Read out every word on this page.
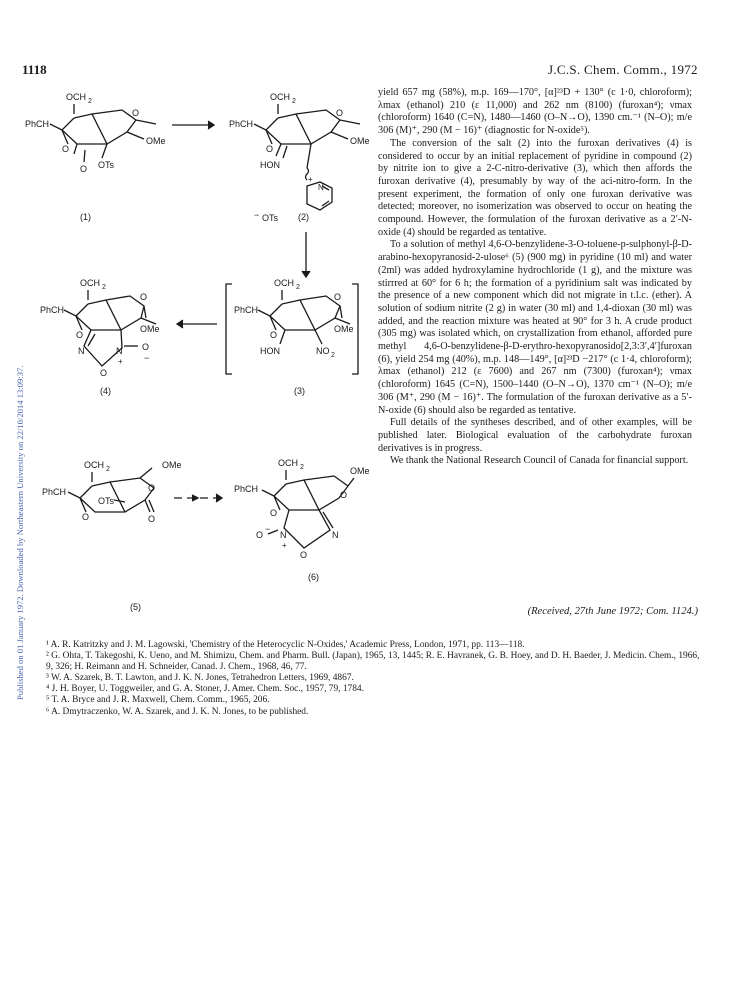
1118	J.C.S. Chem. Comm., 1972
Published on 01 January 1972. Downloaded by Northeastern University on 22/10/2014 13:09:37.
OCH 2
O
PhCH
O
OMe
O OTs
OCH 2
O
PhCH
O
OMe
HON
N
+
− OTs
OCH 2
O
PhCH
O
OMe
HON	NO 2
OCH 2
O
PhCH
O
OMe
N	N O
−
+
O
OCH 2
O
OMe
PhCH
OTs
O	O
OCH 2
O
OMe
PhCH
O
O
−
N
+
N
O
(1)	(2)
(3)
(4)
(5)
(6)

yield 657 mg (58%), m.p. 169—170°, [α]²³D + 130° (c 1·0, chloroform); λmax (ethanol) 210 (ε 11,000) and 262 nm (8100) (furoxan⁴); νmax (chloroform) 1640 (C=N), 1480—1460 (O–N→O), 1390 cm.⁻¹ (N–O); m/e 306 (M)⁺, 290 (M − 16)⁺ (diagnostic for N-oxide⁵).

The conversion of the salt (2) into the furoxan derivatives (4) is considered to occur by an initial replacement of pyridine in compound (2) by nitrite ion to give a 2-C-nitro-derivative (3), which then affords the furoxan derivative (4), presumably by way of the aci-nitro-form. In the present experiment, the formation of only one furoxan derivative was detected; moreover, no isomerization was observed to occur on heating the compound. However, the formulation of the furoxan derivative as a 2′-N-oxide (4) should be regarded as tentative.

To a solution of methyl 4,6-O-benzylidene-3-O-toluene-p-sulphonyl-β-D-arabino-hexopyranosid-2-ulose⁶ (5) (900 mg) in pyridine (10 ml) and water (2ml) was added hydroxylamine hydrochloride (1 g), and the mixture was stirrred at 60° for 6 h; the formation of a pyridinium salt was indicated by the presence of a new component which did not migrate in t.l.c. (ether). A solution of sodium nitrite (2 g) in water (30 ml) and 1,4-dioxan (30 ml) was added, and the reaction mixture was heated at 90° for 3 h. A crude product (305 mg) was isolated which, on crystallization from ethanol, afforded pure methyl 4,6-O-benzylidene-β-D-erythro-hexopyranosido[2,3:3′,4′]furoxan (6), yield 254 mg (40%), m.p. 148—149°, [α]²³D −217° (c 1·4, chloroform); λmax (ethanol) 212 (ε 7600) and 267 nm (7300) (furoxan⁴); νmax (chloroform) 1645 (C=N), 1500–1440 (O–N→O), 1370 cm⁻¹ (N–O); m/e 306 (M⁺, 290 (M − 16)⁺. The formulation of the furoxan derivative as a 5′-N-oxide (6) should also be regarded as tentative.

Full details of the syntheses described, and of other examples, will be published later. Biological evaluation of the carbohydrate furoxan derivatives is in progress.

We thank the National Research Council of Canada for financial support.

(Received, 27th June 1972; Com. 1124.)
¹ A. R. Katritzky and J. M. Lagowski, 'Chemistry of the Heterocyclic N-Oxides,' Academic Press, London, 1971, pp. 113—118.
² G. Ohta, T. Takegoshi, K. Ueno, and M. Shimizu, Chem. and Pharm. Bull. (Japan), 1965, 13, 1445; R. E. Havranek, G. B. Hoey, and D. H. Baeder, J. Medicin. Chem., 1966, 9, 326; H. Reimann and H. Schneider, Canad. J. Chem., 1968, 46, 77.
³ W. A. Szarek, B. T. Lawton, and J. K. N. Jones, Tetrahedron Letters, 1969, 4867.
⁴ J. H. Boyer, U. Toggweiler, and G. A. Stoner, J. Amer. Chem. Soc., 1957, 79, 1784.
⁵ T. A. Bryce and J. R. Maxwell, Chem. Comm., 1965, 206.
⁶ A. Dmytraczenko, W. A. Szarek, and J. K. N. Jones, to be published.
